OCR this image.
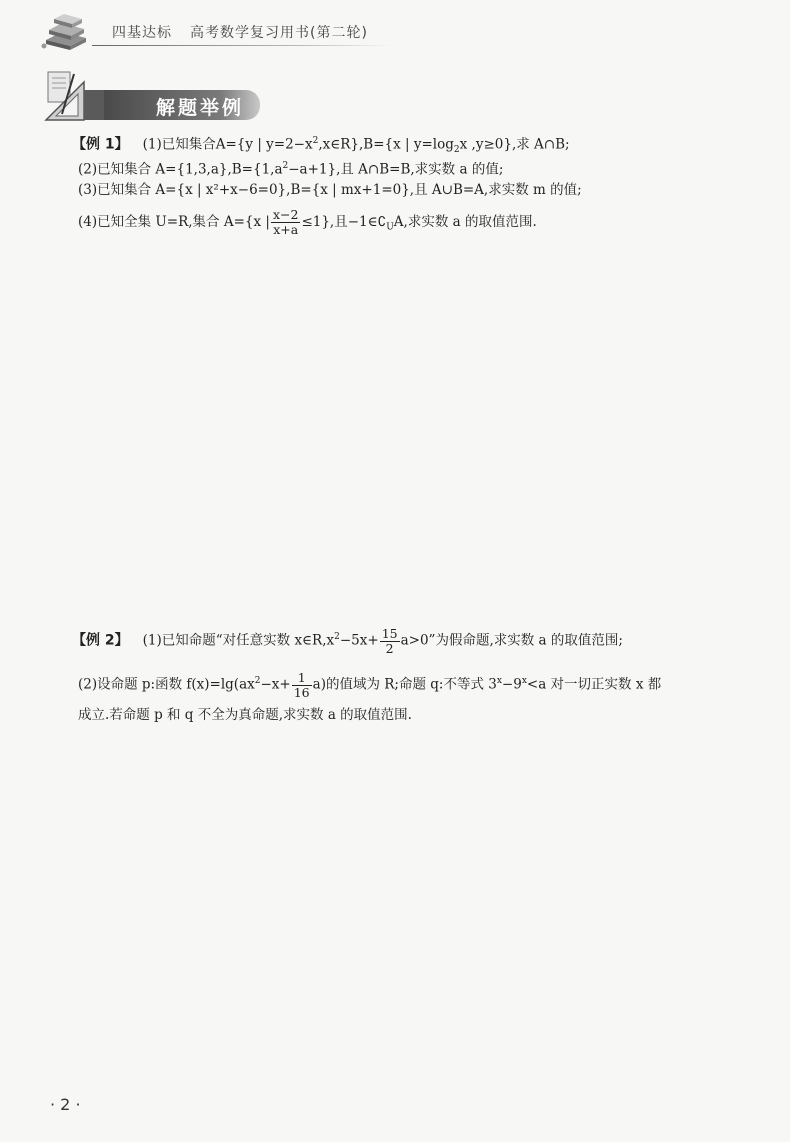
四基达标 高考数学复习用书(第二轮)
解题举例
【例 1】 (1)已知集合A={y | $y=2-x^2,x\in R\},B=\{x$ | $y=\log_2x$ ,y≥0},求 A∩B;
(2)已知集合 $A=\{1,3,a\},B=\{1,a^2-a+1\}$,且 A∩B=B,求实数 a 的值;
(3)已知集合 A={x | x²+x−6=0},B={x | mx+1=0},且 A∪B=A,求实数 m 的值;
(4)已知全集 U=R,集合 A={x | $\frac{x-2}{x+a} \le 1$},且$-1\in∁_UA$,求实数 a 的取值范围.
【例 2】 (1)已知命题“对任意实数 $x\in R,x^2-5x+ \frac{15}{2} a>0$”为假命题,求实数 a 的取值范围;
(2)设命题 p:函数 $f(x)=\lg(ax^2-x+ \frac{1}{16} a)$的值域为 R;命题 q:不等式 $3^x-9^x<a$ 对一切正实数 x 都
成立.若命题 p 和 q 不全为真命题,求实数 a 的取值范围.
· 2 ·
